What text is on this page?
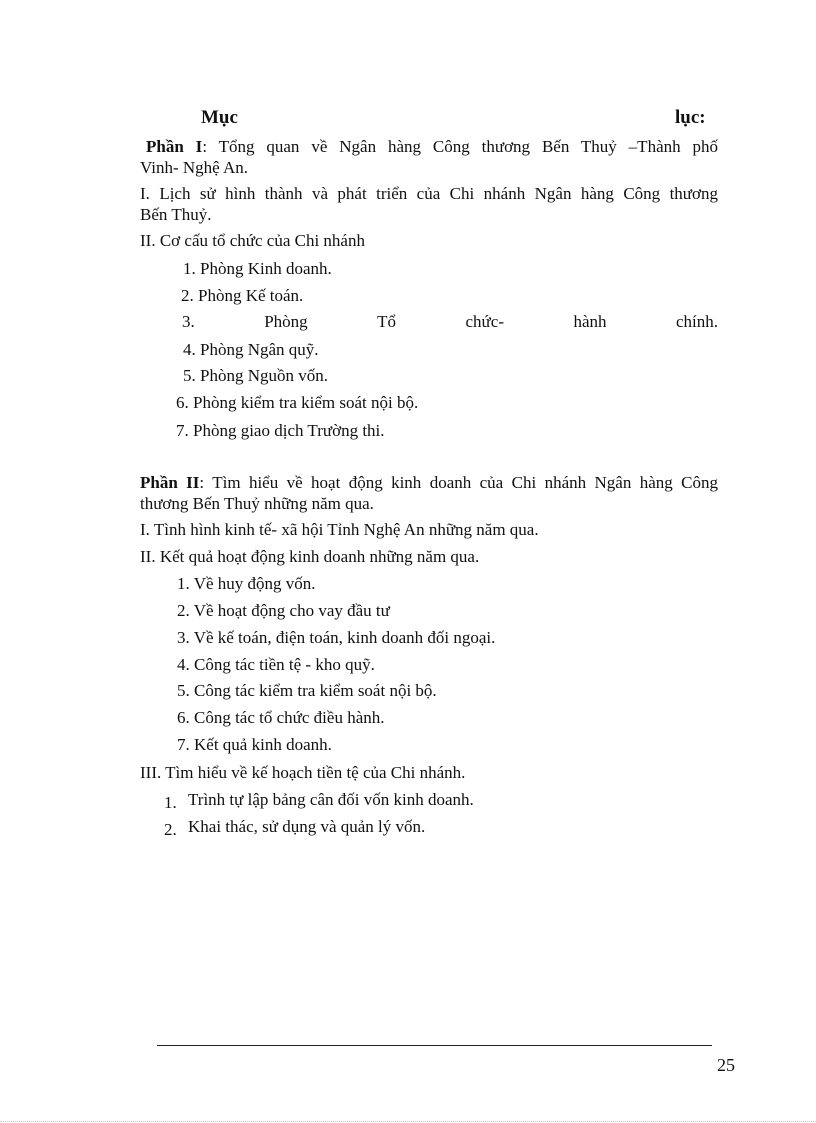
Mục	lục:
Phần I: Tổng quan về Ngân hàng Công thương Bến Thuỷ –Thành phố
Vinh- Nghệ An.
I. Lịch sử hình thành và phát triển của Chi nhánh Ngân hàng Công thương
Bến Thuỷ.
II. Cơ cấu tổ chức của Chi nhánh
1. Phòng Kinh doanh.
2. Phòng Kế toán.
3.	Phòng	Tổ	chức-	hành	chính.
4. Phòng Ngân quỹ.
5. Phòng Nguồn vốn.
6. Phòng kiểm tra kiểm soát nội bộ.
7. Phòng giao dịch Trường thi.
Phần II: Tìm hiểu về hoạt động kinh doanh của Chi nhánh Ngân hàng Công
thương Bến Thuỷ những năm qua.
I. Tình hình kinh tế- xã hội Tỉnh Nghệ An những năm qua.
II. Kết quả hoạt động kinh doanh những năm qua.
1. Về huy động vốn.
2. Về hoạt động cho vay đầu tư
3. Về kế toán, điện toán, kinh doanh đối ngoại.
4. Công tác tiền tệ - kho quỹ.
5. Công tác kiểm tra kiểm soát nội bộ.
6. Công tác tổ chức điều hành.
7. Kết quả kinh doanh.
III. Tìm hiểu về kế hoạch tiền tệ của Chi nhánh.
1. Trình tự lập bảng cân đối vốn kinh doanh.
2. Khai thác, sử dụng và quản lý vốn.
25
